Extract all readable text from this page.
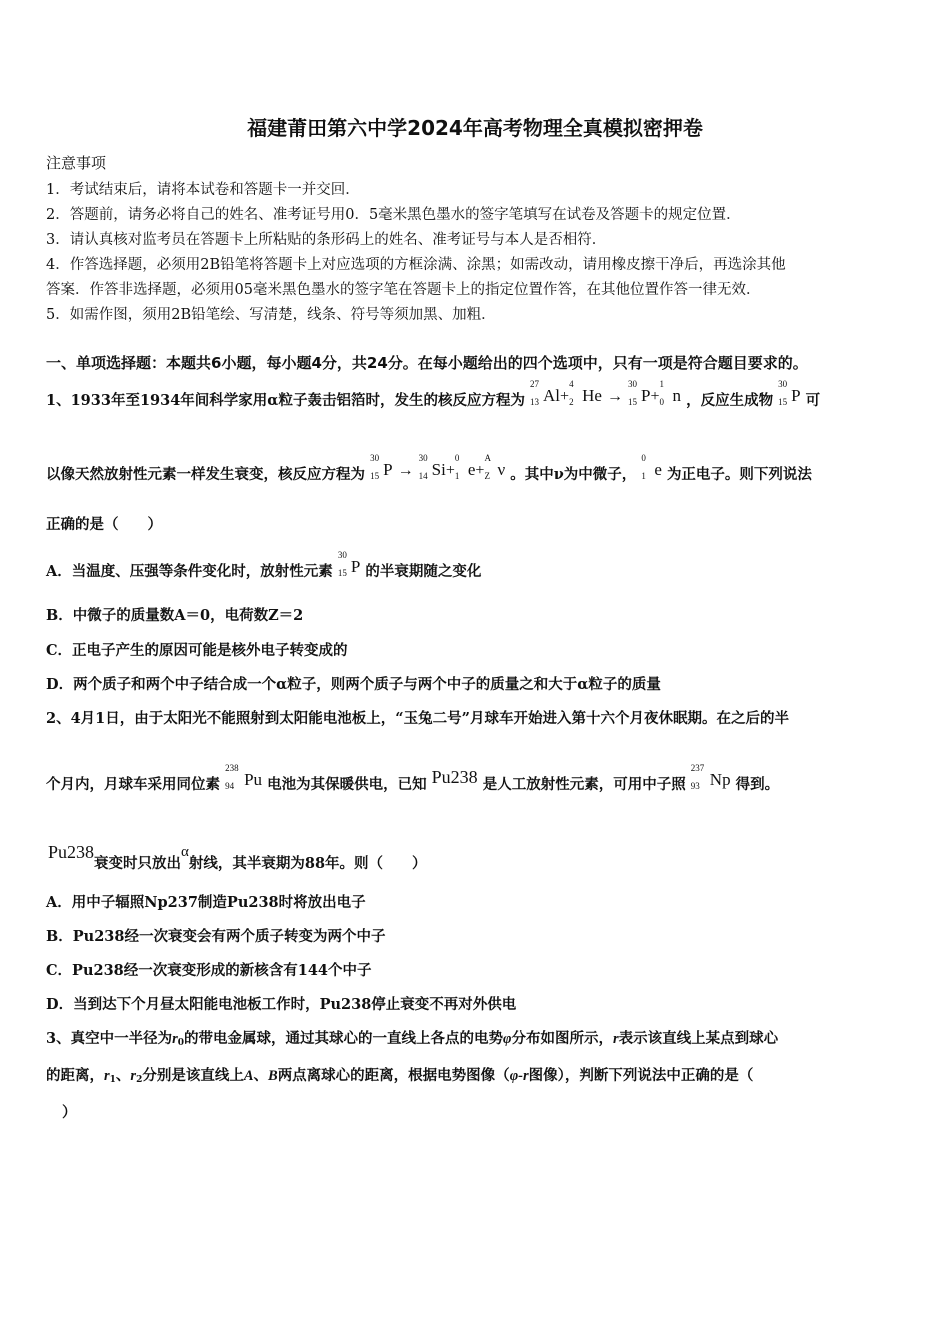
福建莆田第六中学2024年高考物理全真模拟密押卷
注意事项
1．考试结束后，请将本试卷和答题卡一并交回．
2．答题前，请务必将自己的姓名、准考证号用0．5毫米黑色墨水的签字笔填写在试卷及答题卡的规定位置．
3．请认真核对监考员在答题卡上所粘贴的条形码上的姓名、准考证号与本人是否相符．
4．作答选择题，必须用2B铅笔将答题卡上对应选项的方框涂满、涂黑；如需改动，请用橡皮擦干净后，再选涂其他
答案．作答非选择题，必须用05毫米黑色墨水的签字笔在答题卡上的指定位置作答，在其他位置作答一律无效．
5．如需作图，须用2B铅笔绘、写清楚，线条、符号等须加黑、加粗．
一、单项选择题：本题共6小题，每小题4分，共24分。在每小题给出的四个选项中，只有一项是符合题目要求的。
1、1933年至1934年间科学家用α粒子轰击铝箔时，发生的核反应方程为
27
13 Al+
4
2 He →
30
15 P+
1
0 n ，反应生成物
30
15 P 可
以像天然放射性元素一样发生衰变，核反应方程为
30
15 P →
30
14 Si+
0
1 e+
A
Z ν 。其中ν为中微子，
0
1 e 为正电子。则下列说法
正确的是（　　）
A．当温度、压强等条件变化时，放射性元素
30
15 P 的半衰期随之变化
B．中微子的质量数A＝0，电荷数Z＝2
C．正电子产生的原因可能是核外电子转变成的
D．两个质子和两个中子结合成一个α粒子，则两个质子与两个中子的质量之和大于α粒子的质量
2、4月1日，由于太阳光不能照射到太阳能电池板上，“玉兔二号”月球车开始进入第十六个月夜休眠期。在之后的半
个月内，月球车采用同位素
238
94 Pu 电池为其保暖供电，已知 Pu238 是人工放射性元素，可用中子照
237
93 Np 得到。
Pu238衰变时只放出α射线，其半衰期为88年。则（　　）
A．用中子辐照Np237制造Pu238时将放出电子
B．Pu238经一次衰变会有两个质子转变为两个中子
C．Pu238经一次衰变形成的新核含有144个中子
D．当到达下个月昼太阳能电池板工作时，Pu238停止衰变不再对外供电
3、真空中一半径为r0的带电金属球，通过其球心的一直线上各点的电势φ分布如图所示，r表示该直线上某点到球心
的距离，r1、r2分别是该直线上A、B两点离球心的距离，根据电势图像（φ-r图像），判断下列说法中正确的是（
）
